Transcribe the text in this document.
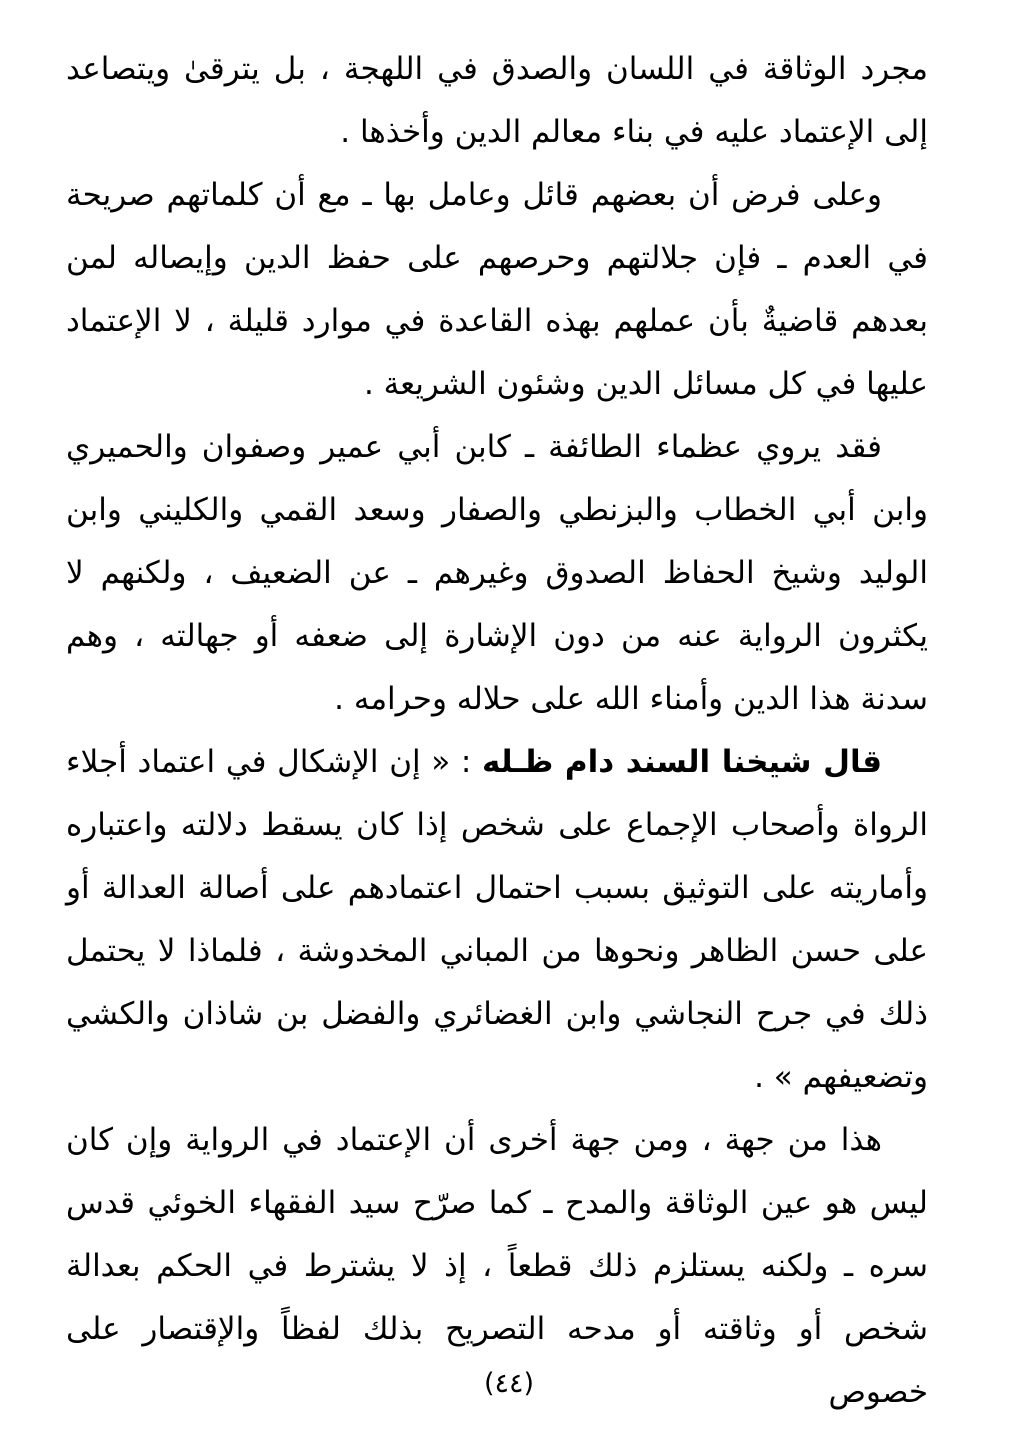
مجرد الوثاقة في اللسان والصدق في اللهجة ، بل يترقىٰ ويتصاعد إلى الإعتماد عليه في بناء معالم الدين وأخذها .

وعلى فرض أن بعضهم قائل وعامل بها ـ مع أن كلماتهم صريحة في العدم ـ فإن جلالتهم وحرصهم على حفظ الدين وإيصاله لمن بعدهم قاضيةٌ بأن عملهم بهذه القاعدة في موارد قليلة ، لا الإعتماد عليها في كل مسائل الدين وشئون الشريعة .

فقد يروي عظماء الطائفة ـ كابن أبي عمير وصفوان والحميري وابن أبي الخطاب والبزنطي والصفار وسعد القمي والكليني وابن الوليد وشيخ الحفاظ الصدوق وغيرهم ـ عن الضعيف ، ولكنهم لا يكثرون الرواية عنه من دون الإشارة إلى ضعفه أو جهالته ، وهم سدنة هذا الدين وأمناء الله على حلاله وحرامه .

قال شيخنا السند دام ظـله : « إن الإشكال في اعتماد أجلاء الرواة وأصحاب الإجماع على شخص إذا كان يسقط دلالته واعتباره وأماريته على التوثيق بسبب احتمال اعتمادهم على أصالة العدالة أو على حسن الظاهر ونحوها من المباني المخدوشة ، فلماذا لا يحتمل ذلك في جرح النجاشي وابن الغضائري والفضل بن شاذان والكشي وتضعيفهم » .

هذا من جهة ، ومن جهة أخرى أن الإعتماد في الرواية وإن كان ليس هو عين الوثاقة والمدح ـ كما صرّح سيد الفقهاء الخوئي قدس سره ـ ولكنه يستلزم ذلك قطعاً ، إذ لا يشترط في الحكم بعدالة شخص أو وثاقته أو مدحه التصريح بذلك لفظاً والإقتصار على خصوص

(٤٤)
